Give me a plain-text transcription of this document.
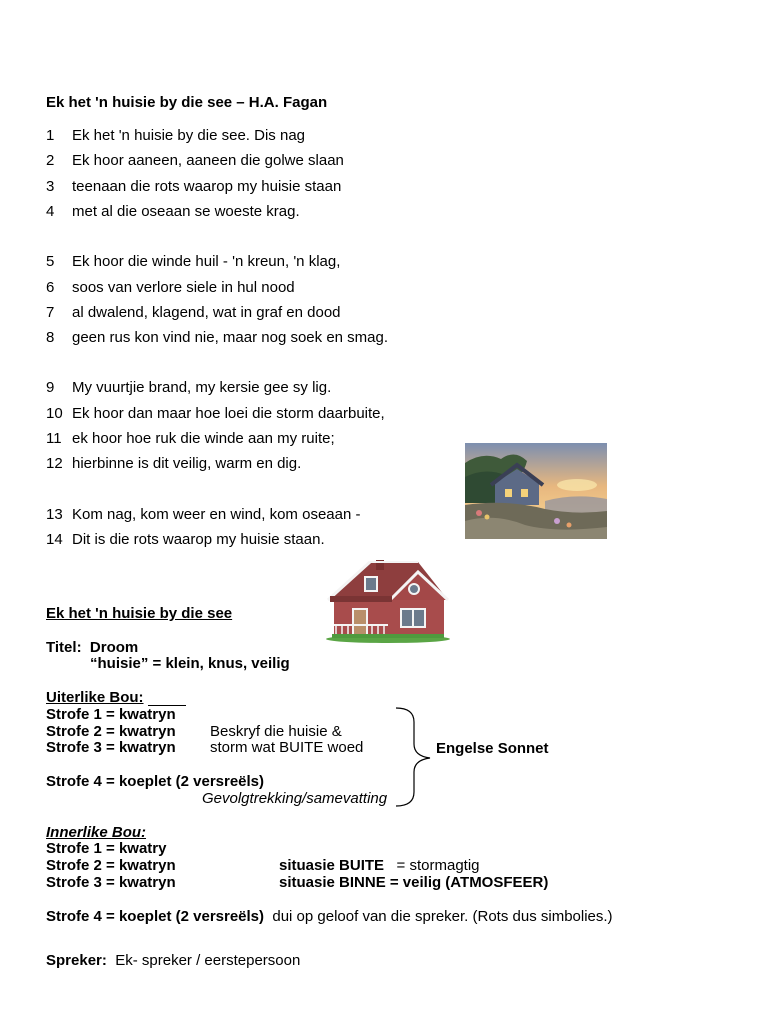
Ek het 'n huisie by die see – H.A. Fagan
1 Ek het 'n huisie by die see. Dis nag
2 Ek hoor aaneen, aaneen die golwe slaan
3 teenaan die rots waarop my huisie staan
4 met al die oseaan se woeste krag.
5 Ek hoor die winde huil - 'n kreun, 'n klag,
6 soos van verlore siele in hul nood
7 al dwalend, klagend, wat in graf en dood
8 geen rus kon vind nie, maar nog soek en smag.
9 My vuurtjie brand, my kersie gee sy lig.
10 Ek hoor dan maar hoe loei die storm daarbuite,
11 ek hoor hoe ruk die winde aan my ruite;
12 hierbinne is dit veilig, warm en dig.
13 Kom nag, kom weer en wind, kom oseaan -
14 Dit is die rots waarop my huisie staan.
Ek het 'n huisie by die see
Titel: Droom
“huisie” = klein, knus, veilig
Uiterlike Bou:
Strofe 1 = kwatryn
Strofe 2 = kwatryn
Strofe 3 = kwatryn
Beskryf die huisie &
storm wat BUITE woed
Strofe 4 = koeplet (2 versreëls)
Gevolgtrekking/samevatting
Engelse Sonnet
Innerlike Bou:
Strofe 1 = kwatry
Strofe 2 = kwatryn
Strofe 3 = kwatryn
situasie BUITE = stormagtig
situasie BINNE = veilig (ATMOSFEER)
Strofe 4 = koeplet (2 versreëls) dui op geloof van die spreker. (Rots dus simbolies.)
Spreker: Ek- spreker / eerstepersoon
